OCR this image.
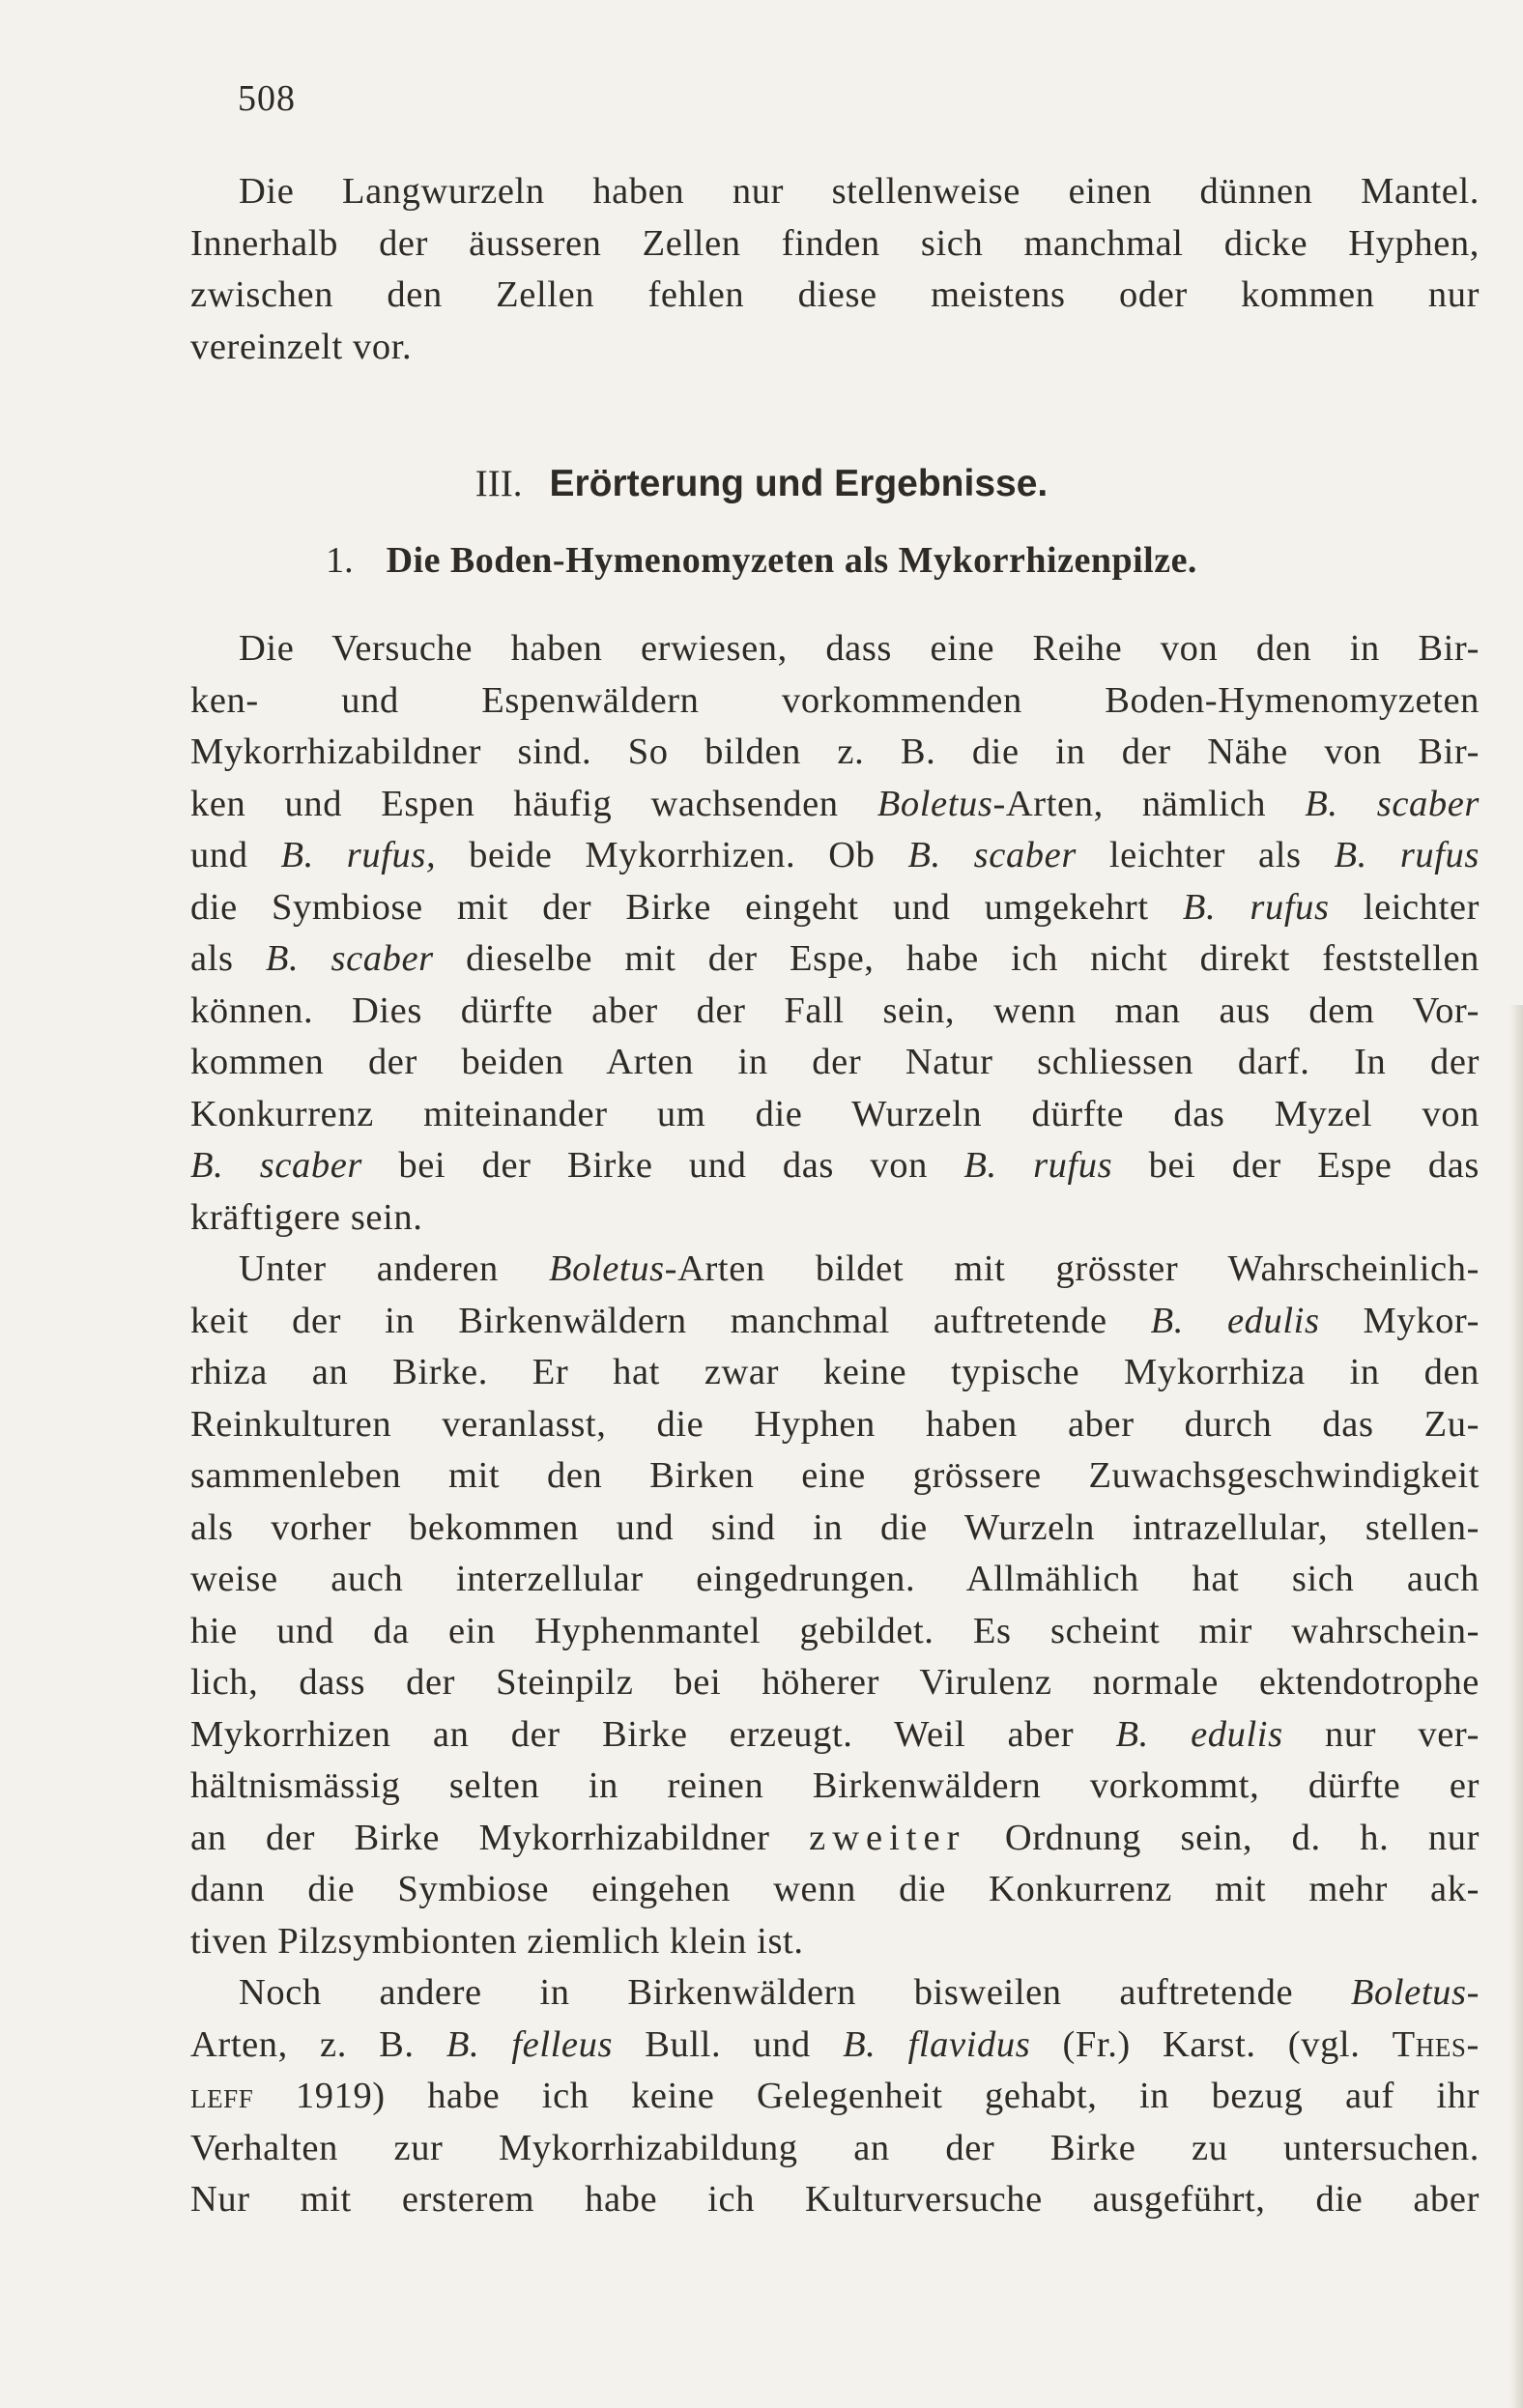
508
Die Langwurzeln haben nur stellenweise einen dünnen Mantel.
Innerhalb der äusseren Zellen finden sich manchmal dicke Hyphen,
zwischen den Zellen fehlen diese meistens oder kommen nur
vereinzelt vor.
III. Erörterung und Ergebnisse.
1. Die Boden-Hymenomyzeten als Mykorrhizenpilze.
Die Versuche haben erwiesen, dass eine Reihe von den in Bir-
ken- und Espenwäldern vorkommenden Boden-Hymenomyzeten
Mykorrhizabildner sind. So bilden z. B. die in der Nähe von Bir-
ken und Espen häufig wachsenden Boletus-Arten, nämlich B. scaber
und B. rufus, beide Mykorrhizen. Ob B. scaber leichter als B. rufus
die Symbiose mit der Birke eingeht und umgekehrt B. rufus leichter
als B. scaber dieselbe mit der Espe, habe ich nicht direkt feststellen
können. Dies dürfte aber der Fall sein, wenn man aus dem Vor-
kommen der beiden Arten in der Natur schliessen darf. In der
Konkurrenz miteinander um die Wurzeln dürfte das Myzel von
B. scaber bei der Birke und das von B. rufus bei der Espe das
kräftigere sein.
Unter anderen Boletus-Arten bildet mit grösster Wahrscheinlich-
keit der in Birkenwäldern manchmal auftretende B. edulis Mykor-
rhiza an Birke. Er hat zwar keine typische Mykorrhiza in den
Reinkulturen veranlasst, die Hyphen haben aber durch das Zu-
sammenleben mit den Birken eine grössere Zuwachsgeschwindigkeit
als vorher bekommen und sind in die Wurzeln intrazellular, stellen-
weise auch interzellular eingedrungen. Allmählich hat sich auch
hie und da ein Hyphenmantel gebildet. Es scheint mir wahrschein-
lich, dass der Steinpilz bei höherer Virulenz normale ektendotrophe
Mykorrhizen an der Birke erzeugt. Weil aber B. edulis nur ver-
hältnismässig selten in reinen Birkenwäldern vorkommt, dürfte er
an der Birke Mykorrhizabildner zweiter Ordnung sein, d. h. nur
dann die Symbiose eingehen wenn die Konkurrenz mit mehr ak-
tiven Pilzsymbionten ziemlich klein ist.
Noch andere in Birkenwäldern bisweilen auftretende Boletus-
Arten, z. B. B. felleus Bull. und B. flavidus (Fr.) Karst. (vgl. Thes-
leff 1919) habe ich keine Gelegenheit gehabt, in bezug auf ihr
Verhalten zur Mykorrhizabildung an der Birke zu untersuchen.
Nur mit ersterem habe ich Kulturversuche ausgeführt, die aber
